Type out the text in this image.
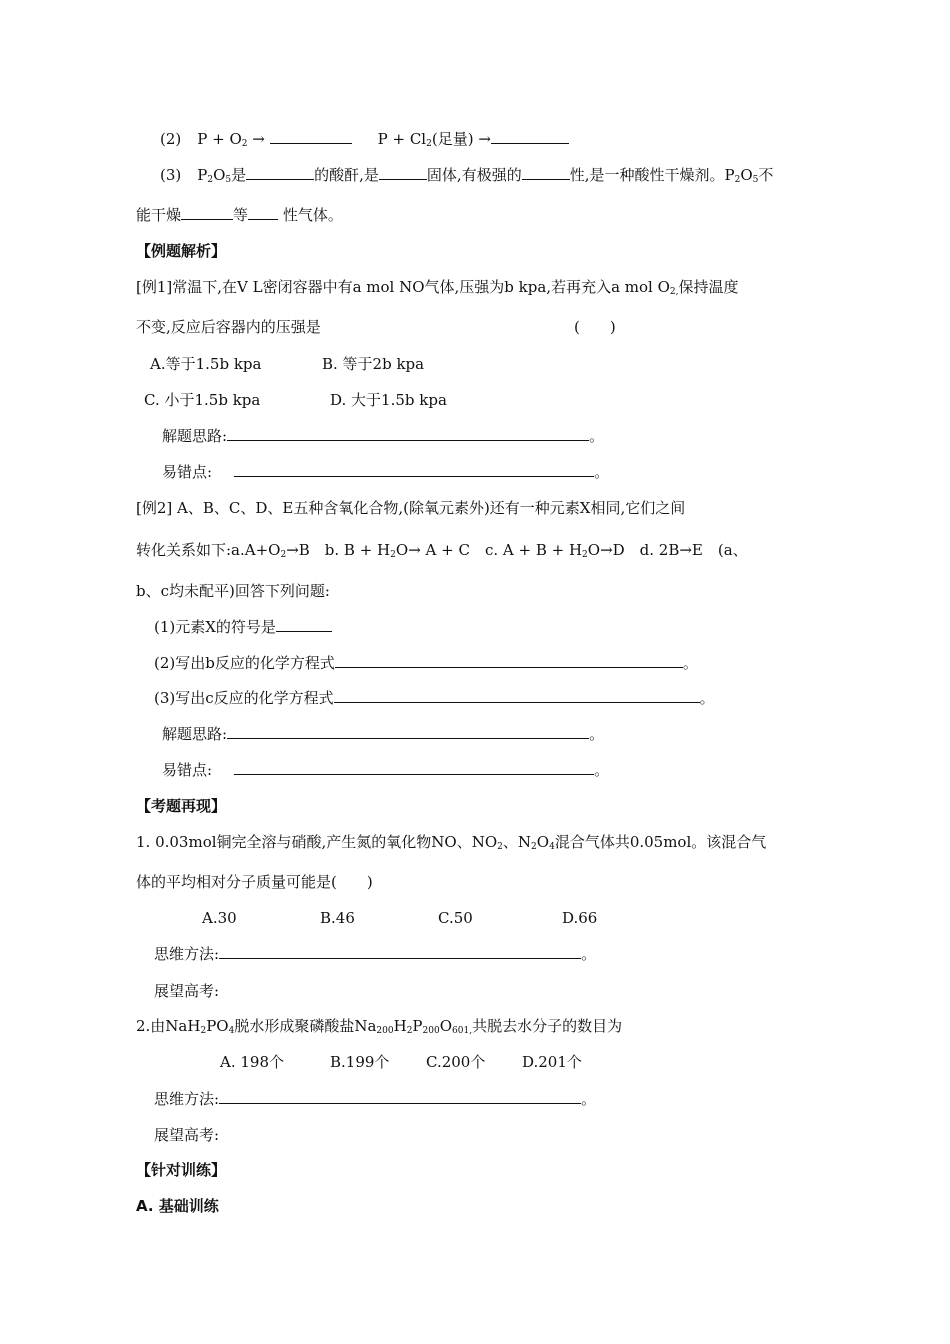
(2) $P + O_2$ →	$P + Cl_2$(足量) →
(3) $P_2O_5$是	的酸酐,是	固体,有极强的	性,是一种酸性干燥剂。$P_2O_5$不
能干燥	等 性气体。
【例题解析】
[例1]常温下,在V L密闭容器中有a mol NO气体,压强为b kpa,若再充入a mol $O_{2,}$保持温度
不变,反应后容器内的压强是	(　　)
A.等于1.5b kpa	B. 等于2b kpa
C. 小于1.5b kpa	D. 大于1.5b kpa
解题思路:	。
易错点:	。
[例2] A、B、C、D、E五种含氧化合物,(除氧元素外)还有一种元素X相同,它们之间
转化关系如下$:a.A+O_2\to B$　b. $B + H_2O\to A + C$　c. $A + B + H_2O\to D$　d. 2B→E　(a、
b、c均未配平)回答下列问题:
(1)元素X的符号是
(2)写出b反应的化学方程式	。
(3)写出c反应的化学方程式	。
解题思路:	。
易错点:	。
【考题再现】
1. 0.03mol铜完全溶与硝酸,产生氮的氧化物NO、$NO_2$、$N_2O_4$混合气体共0.05mol。该混合气
体的平均相对分子质量可能是(　　)
A.30	B.46	C.50	D.66
思维方法:	。
展望高考:
2.由$NaH_2PO_4$脱水形成聚磷酸盐$Na_{200}H_2P_{200}O_{601,}$共脱去水分子的数目为
A. 198个	B.199个 C.200个 D.201个
思维方法:	。
展望高考:
【针对训练】
A. 基础训练
